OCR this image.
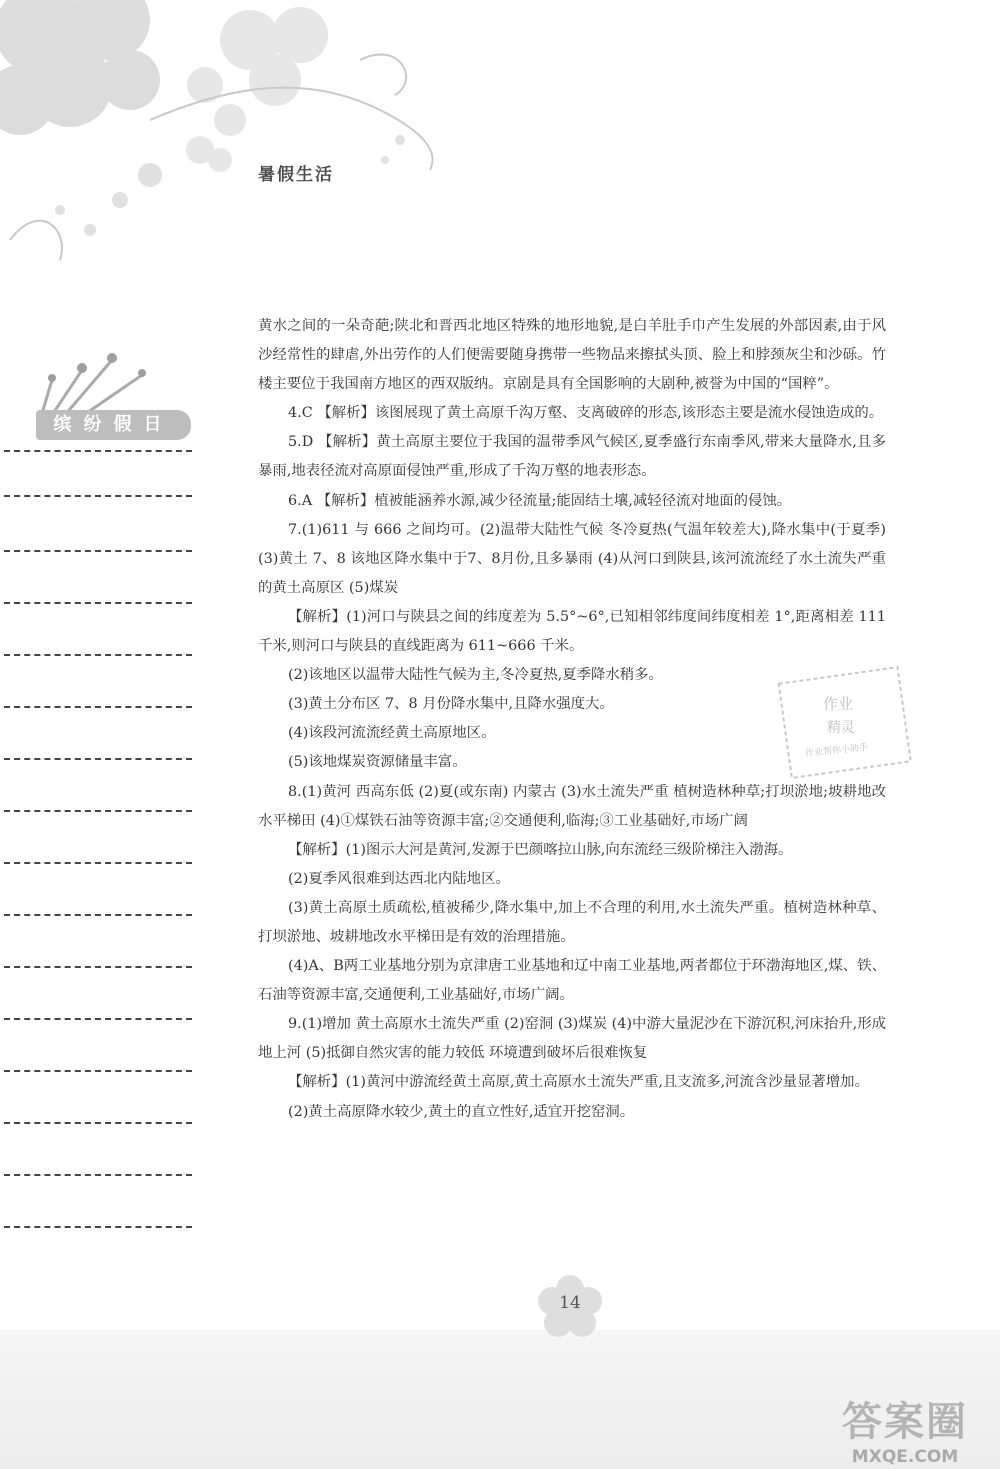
暑假生活
缤纷假日

黄水之间的一朵奇葩;陕北和晋西北地区特殊的地形地貌,是白羊肚手巾产生发展的外部因素,由于风沙经常性的肆虐,外出劳作的人们便需要随身携带一些物品来擦拭头顶、脸上和脖颈灰尘和沙砾。竹楼主要位于我国南方地区的西双版纳。京剧是具有全国影响的大剧种,被誉为中国的“国粹”。

4.C 【解析】该图展现了黄土高原千沟万壑、支离破碎的形态,该形态主要是流水侵蚀造成的。

5.D 【解析】黄土高原主要位于我国的温带季风气候区,夏季盛行东南季风,带来大量降水,且多暴雨,地表径流对高原面侵蚀严重,形成了千沟万壑的地表形态。

6.A 【解析】植被能涵养水源,减少径流量;能固结土壤,减轻径流对地面的侵蚀。

7.(1)611 与 666 之间均可。(2)温带大陆性气候 冬冷夏热(气温年较差大),降水集中(于夏季) (3)黄土 7、8 该地区降水集中于7、8月份,且多暴雨 (4)从河口到陕县,该河流流经了水土流失严重的黄土高原区 (5)煤炭

【解析】(1)河口与陕县之间的纬度差为 5.5°~6°,已知相邻纬度间纬度相差 1°,距离相差 111 千米,则河口与陕县的直线距离为 611~666 千米。

(2)该地区以温带大陆性气候为主,冬冷夏热,夏季降水稍多。

(3)黄土分布区 7、8 月份降水集中,且降水强度大。

(4)该段河流流经黄土高原地区。

(5)该地煤炭资源储量丰富。

8.(1)黄河 西高东低 (2)夏(或东南) 内蒙古 (3)水土流失严重 植树造林种草;打坝淤地;坡耕地改水平梯田 (4)①煤铁石油等资源丰富;②交通便利,临海;③工业基础好,市场广阔

【解析】(1)图示大河是黄河,发源于巴颜喀拉山脉,向东流经三级阶梯注入渤海。

(2)夏季风很难到达西北内陆地区。

(3)黄土高原土质疏松,植被稀少,降水集中,加上不合理的利用,水土流失严重。植树造林种草、打坝淤地、坡耕地改水平梯田是有效的治理措施。

(4)A、B两工业基地分别为京津唐工业基地和辽中南工业基地,两者都位于环渤海地区,煤、铁、石油等资源丰富,交通便利,工业基础好,市场广阔。

9.(1)增加 黄土高原水土流失严重 (2)窑洞 (3)煤炭 (4)中游大量泥沙在下游沉积,河床抬升,形成地上河 (5)抵御自然灾害的能力较低 环境遭到破坏后很难恢复

【解析】(1)黄河中游流经黄土高原,黄土高原水土流失严重,且支流多,河流含沙量显著增加。

(2)黄土高原降水较少,黄土的直立性好,适宜开挖窑洞。

作业
精灵
作业帮你小助手
14
答案圈
MXQE.COM
